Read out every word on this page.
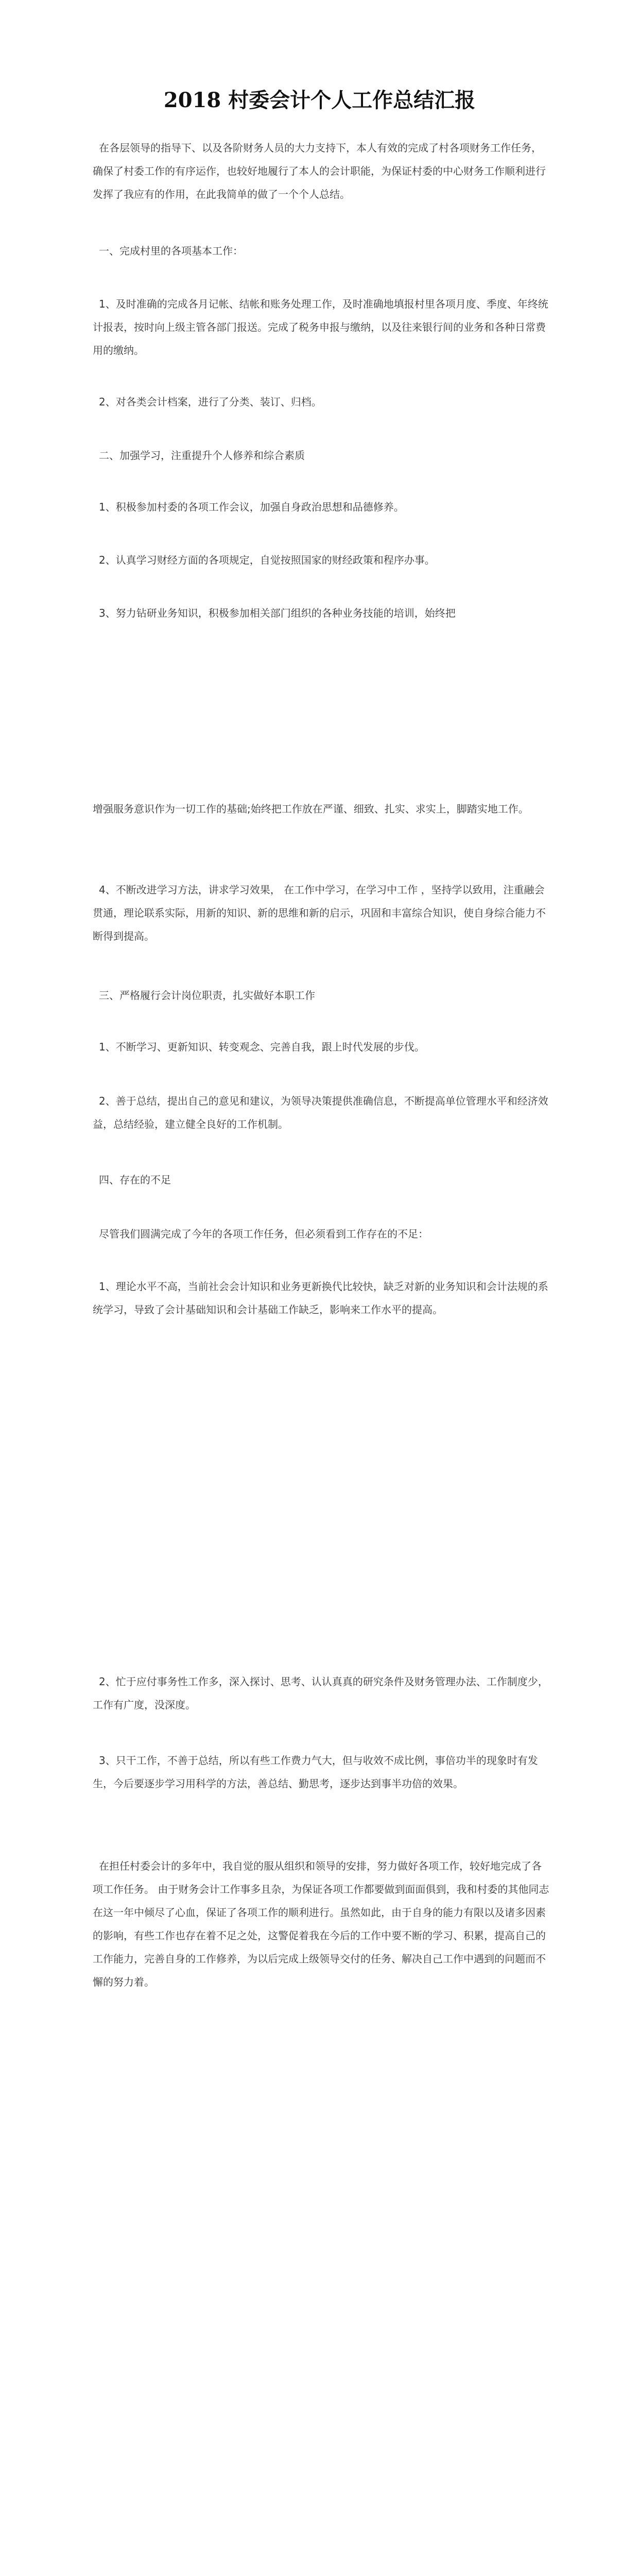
2018 村委会计个人工作总结汇报

在各层领导的指导下、以及各阶财务人员的大力支持下，本人有效的完成了村各项财务工作任务，确保了村委工作的有序运作，也较好地履行了本人的会计职能，为保证村委的中心财务工作顺利进行发挥了我应有的作用，在此我简单的做了一个个人总结。

一、完成村里的各项基本工作：

1、及时准确的完成各月记帐、结帐和账务处理工作，及时准确地填报村里各项月度、季度、年终统计报表，按时向上级主管各部门报送。完成了税务申报与缴纳，以及往来银行间的业务和各种日常费用的缴纳。

2、对各类会计档案，进行了分类、装订、归档。

二、加强学习，注重提升个人修养和综合素质

1、积极参加村委的各项工作会议，加强自身政治思想和品德修养。

2、认真学习财经方面的各项规定，自觉按照国家的财经政策和程序办事。

3、努力钻研业务知识，积极参加相关部门组织的各种业务技能的培训，始终把

增强服务意识作为一切工作的基础;始终把工作放在严谨、细致、扎实、求实上，脚踏实地工作。

4、不断改进学习方法，讲求学习效果， 在工作中学习，在学习中工作 ，坚持学以致用，注重融会贯通，理论联系实际，用新的知识、新的思维和新的启示，巩固和丰富综合知识，使自身综合能力不断得到提高。

三、严格履行会计岗位职责，扎实做好本职工作

1、不断学习、更新知识、转变观念、完善自我，跟上时代发展的步伐。

2、善于总结，提出自己的意见和建议，为领导决策提供准确信息，不断提高单位管理水平和经济效益，总结经验，建立健全良好的工作机制。

四、存在的不足

尽管我们圆满完成了今年的各项工作任务，但必须看到工作存在的不足：

1、理论水平不高，当前社会会计知识和业务更新换代比较快，缺乏对新的业务知识和会计法规的系统学习，导致了会计基础知识和会计基础工作缺乏，影响来工作水平的提高。

2、忙于应付事务性工作多，深入探讨、思考、认认真真的研究条件及财务管理办法、工作制度少，工作有广度，没深度。

3、只干工作，不善于总结，所以有些工作费力气大，但与收效不成比例，事倍功半的现象时有发生，今后要逐步学习用科学的方法，善总结、勤思考，逐步达到事半功倍的效果。

在担任村委会计的多年中，我自觉的服从组织和领导的安排，努力做好各项工作，较好地完成了各项工作任务。 由于财务会计工作事多且杂，为保证各项工作都要做到面面俱到，我和村委的其他同志在这一年中倾尽了心血，保证了各项工作的顺利进行。虽然如此，由于自身的能力有限以及诸多因素的影响，有些工作也存在着不足之处，这警促着我在今后的工作中要不断的学习、积累，提高自己的工作能力，完善自身的工作修养，为以后完成上级领导交付的任务、解决自己工作中遇到的问题而不懈的努力着。
